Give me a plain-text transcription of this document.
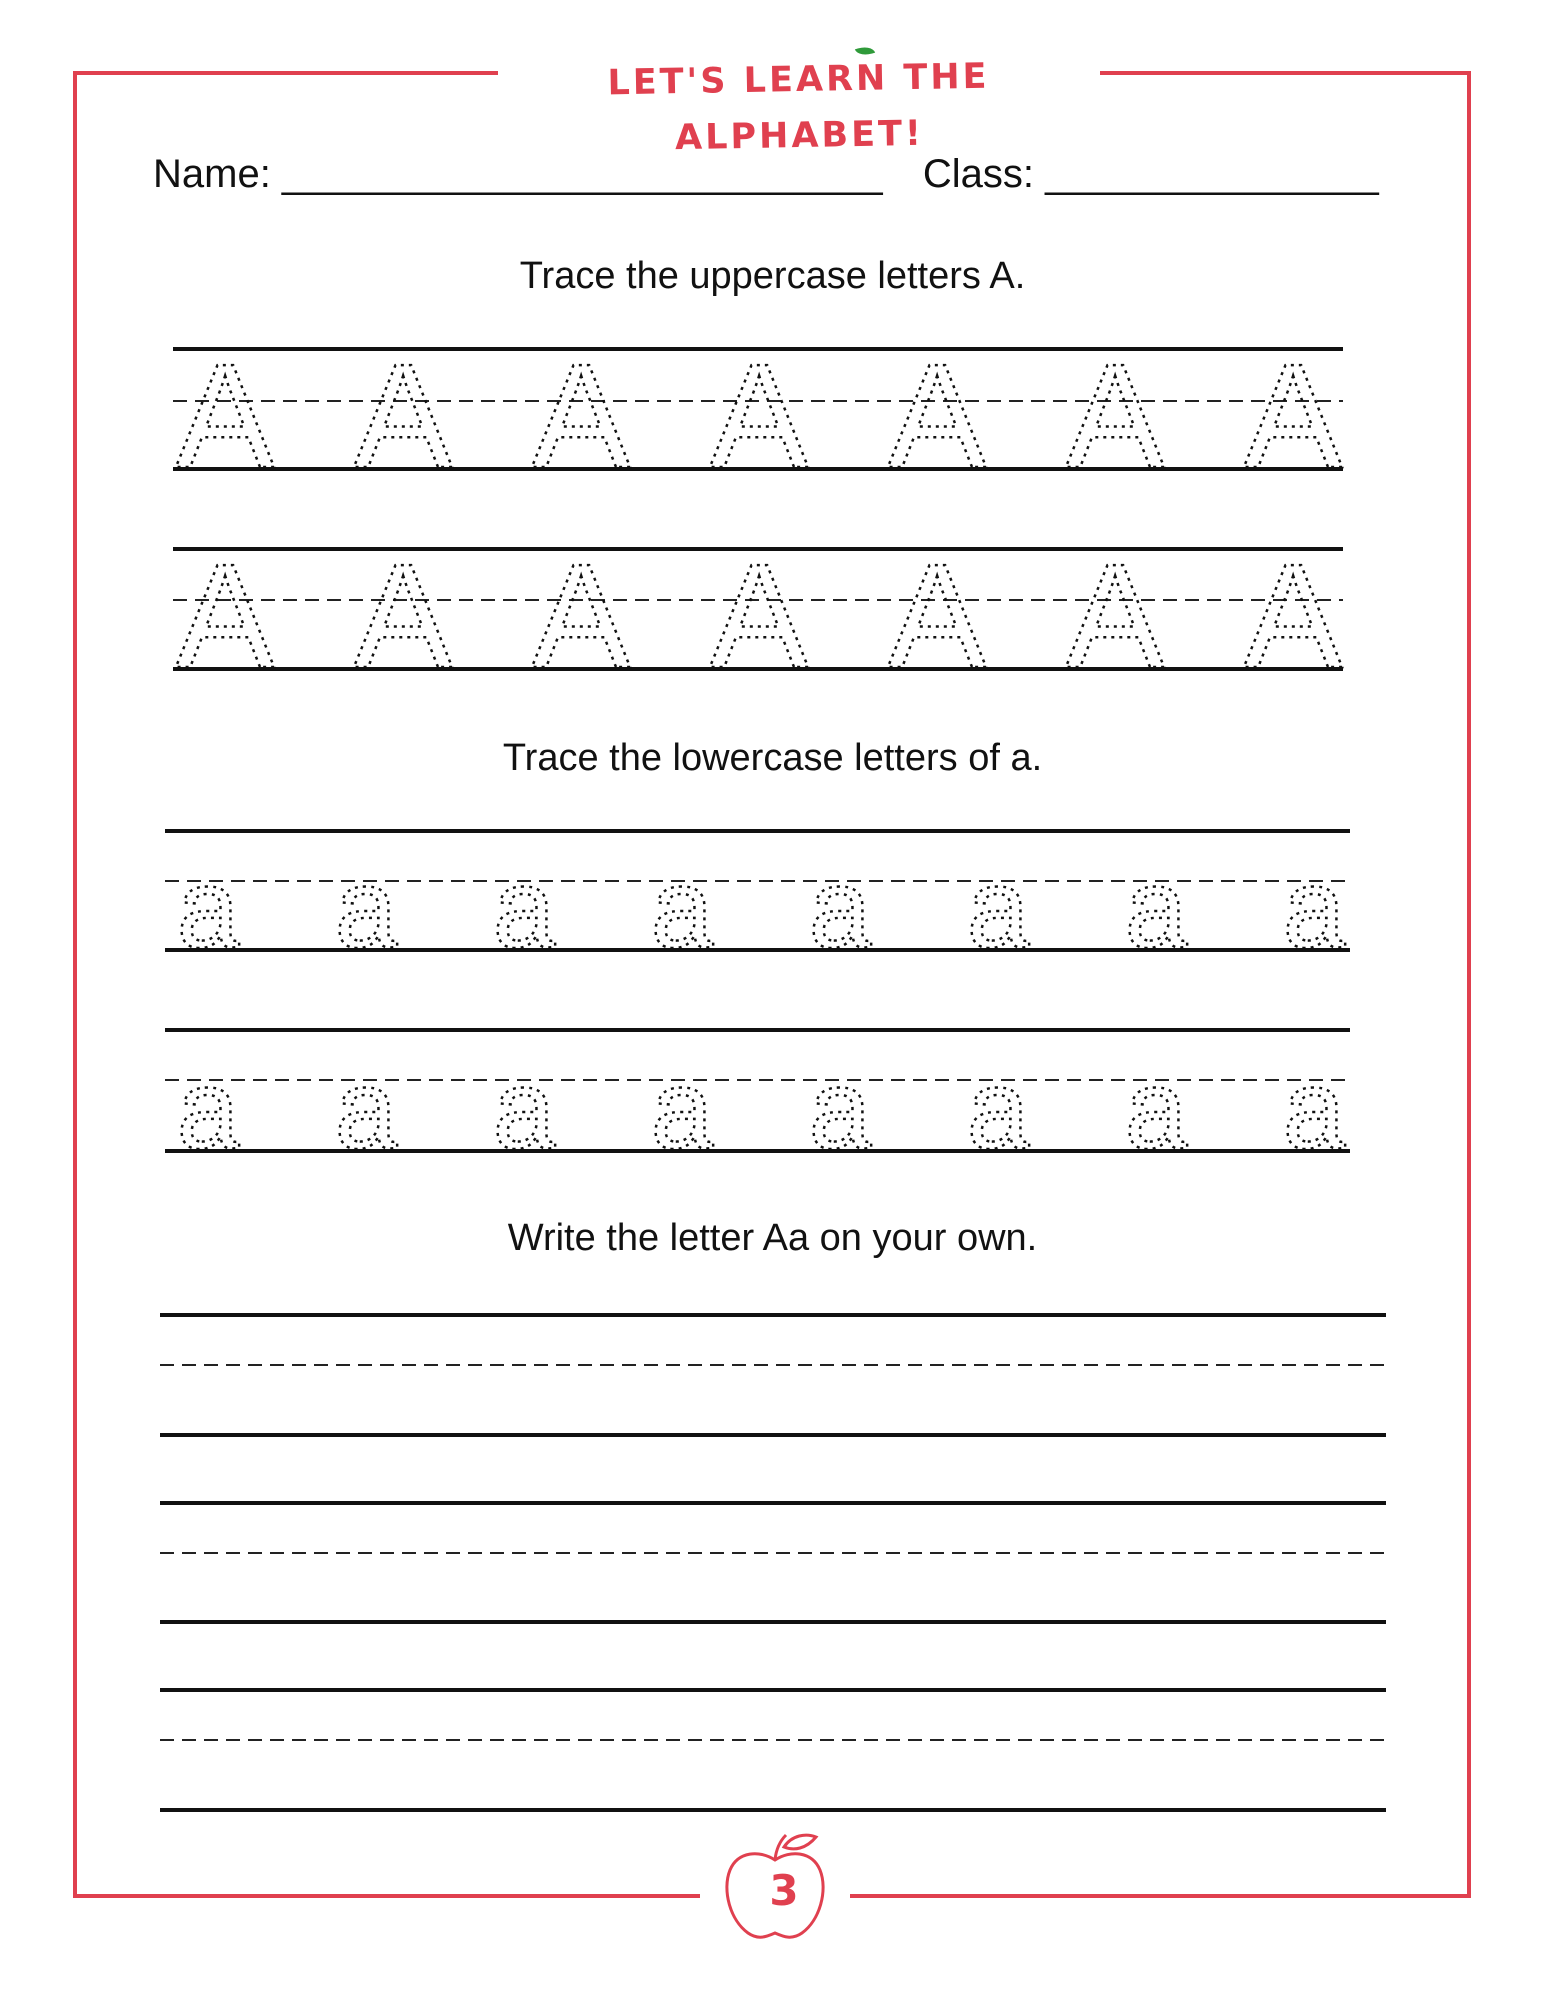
LET'S LEARN THE ALPHABET!
Name: ___________________________ Class: _______________
Trace the uppercase letters A.
Trace the lowercase letters of a.
Write the letter Aa on your own.
A A A A A A A
A A A A A A A
a a a a a a a a
a a a a a a a a
3
